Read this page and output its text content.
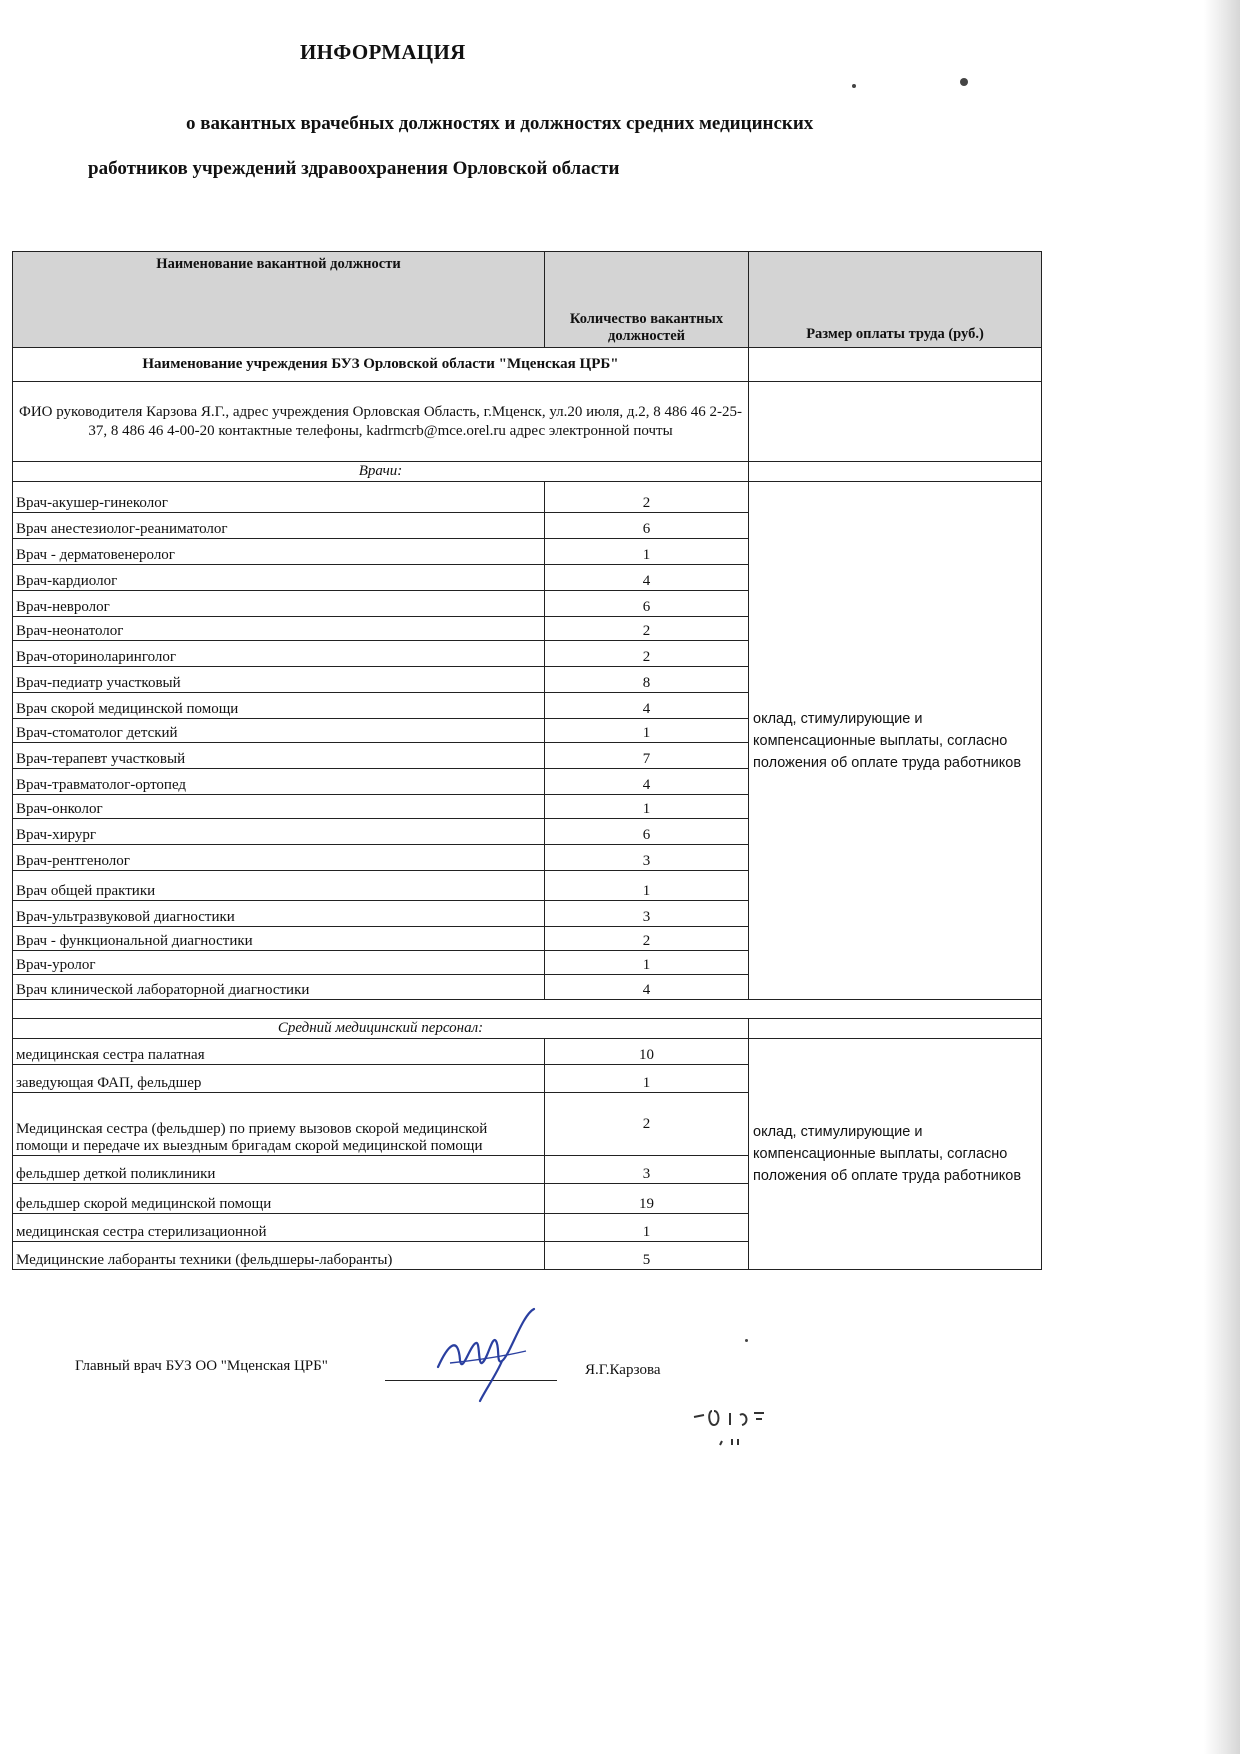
ИНФОРМАЦИЯ
о вакантных врачебных должностях и должностях средних медицинских
работников учреждений здравоохранения Орловской области
Наименование вакантной должности	Количество вакантных должностей	Размер оплаты труда (руб.)
Наименование учреждения БУЗ Орловской области "Мценская ЦРБ"		
ФИО руководителя Карзова Я.Г., адрес учреждения Орловская Область, г.Мценск, ул.20 июля, д.2, 8 486 46 2-25-37, 8 486 46 4-00-20 контактные телефоны, kadrmcrb@mce.orel.ru адрес электронной почты		
Врачи:		
Врач-акушер-гинеколог	2	оклад, стимулирующие и компенсационные выплаты, согласно положения об оплате труда работников
Врач анестезиолог-реаниматолог	6	
Врач - дерматовенеролог	1	
Врач-кардиолог	4	
Врач-невролог	6	
Врач-неонатолог	2	
Врач-оториноларинголог	2	
Врач-педиатр участковый	8	
Врач скорой медицинской помощи	4	
Врач-стоматолог детский	1	
Врач-терапевт участковый	7	
Врач-травматолог-ортопед	4	
Врач-онколог	1	
Врач-хирург	6	
Врач-рентгенолог	3	
Врач общей практики	1	
Врач-ультразвуковой диагностики	3	
Врач - функциональной диагностики	2	
Врач-уролог	1	
Врач клинической лабораторной диагностики	4	

Средний медицинский персонал:		
медицинская сестра палатная	10	оклад, стимулирующие и компенсационные выплаты, согласно положения об оплате труда работников
заведующая ФАП, фельдшер	1	
Медицинская сестра (фельдшер) по приему вызовов скорой медицинской помощи и передаче их выездным бригадам скорой медицинской помощи	2	
фельдшер деткой поликлиники	3	
фельдшер скорой медицинской помощи	19	
медицинская сестра стерилизационной	1	
Медицинские лаборанты техники (фельдшеры-лаборанты)	5	
Главный врач БУЗ ОО "Мценская ЦРБ"	Я.Г.Карзова
